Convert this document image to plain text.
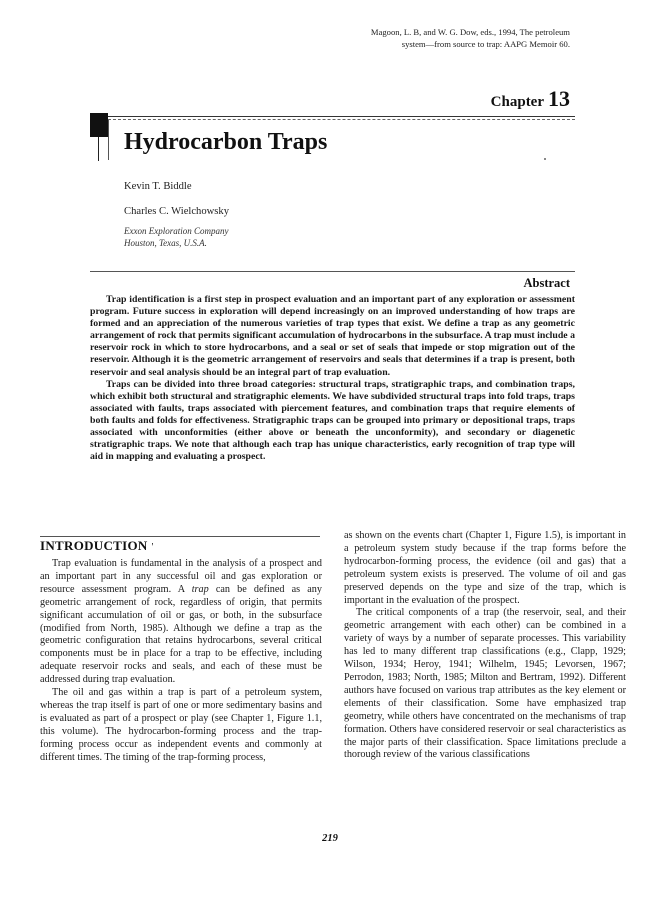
Magoon, L. B, and W. G. Dow, eds., 1994, The petroleum
system—from source to trap: AAPG Memoir 60.
Chapter 13
Hydrocarbon Traps
Kevin T. Biddle
Charles C. Wielchowsky
Exxon Exploration Company
Houston, Texas, U.S.A.
Abstract

Trap identification is a first step in prospect evaluation and an important part of any exploration or assessment program. Future success in exploration will depend increasingly on an improved understanding of how traps are formed and an appreciation of the numerous varieties of trap types that exist. We define a trap as any geometric arrangement of rock that permits significant accumulation of hydrocarbons in the subsurface. A trap must include a reservoir rock in which to store hydrocarbons, and a seal or set of seals that impede or stop migration out of the reservoir. Although it is the geometric arrangement of reservoirs and seals that determines if a trap is present, both reservoir and seal analysis should be an integral part of trap evaluation.

Traps can be divided into three broad categories: structural traps, stratigraphic traps, and combination traps, which exhibit both structural and stratigraphic elements. We have subdivided structural traps into fold traps, traps associated with faults, traps associated with piercement features, and combination traps that require elements of both faults and folds for effectiveness. Stratigraphic traps can be grouped into primary or depositional traps, traps associated with unconformities (either above or beneath the unconformity), and secondary or diagenetic stratigraphic traps. We note that although each trap has unique characteristics, early recognition of trap type will aid in mapping and evaluating a prospect.

INTRODUCTION '

Trap evaluation is fundamental in the analysis of a prospect and an important part in any successful oil and gas exploration or resource assessment program. A trap can be defined as any geometric arrangement of rock, regardless of origin, that permits significant accumulation of oil or gas, or both, in the subsurface (modified from North, 1985). Although we define a trap as the geometric configuration that retains hydrocarbons, several critical components must be in place for a trap to be effective, including adequate reservoir rocks and seals, and each of these must be addressed during trap evaluation.

The oil and gas within a trap is part of a petroleum system, whereas the trap itself is part of one or more sedimentary basins and is evaluated as part of a prospect or play (see Chapter 1, Figure 1.1, this volume). The hydrocarbon-forming process and the trap-forming process occur as independent events and commonly at different times. The timing of the trap-forming process,

as shown on the events chart (Chapter 1, Figure 1.5), is important in a petroleum system study because if the trap forms before the hydrocarbon-forming process, the evidence (oil and gas) that a petroleum system exists is preserved. The volume of oil and gas preserved depends on the type and size of the trap, which is important in the evaluation of the prospect.

The critical components of a trap (the reservoir, seal, and their geometric arrangement with each other) can be combined in a variety of ways by a number of separate processes. This variability has led to many different trap classifications (e.g., Clapp, 1929; Wilson, 1934; Heroy, 1941; Wilhelm, 1945; Levorsen, 1967; Perrodon, 1983; North, 1985; Milton and Bertram, 1992). Different authors have focused on various trap attributes as the key element or elements of their classification. Some have emphasized trap geometry, while others have concentrated on the mechanisms of trap formation. Others have considered reservoir or seal characteristics as the major parts of their classification. Space limitations preclude a thorough review of the various classifications

219
